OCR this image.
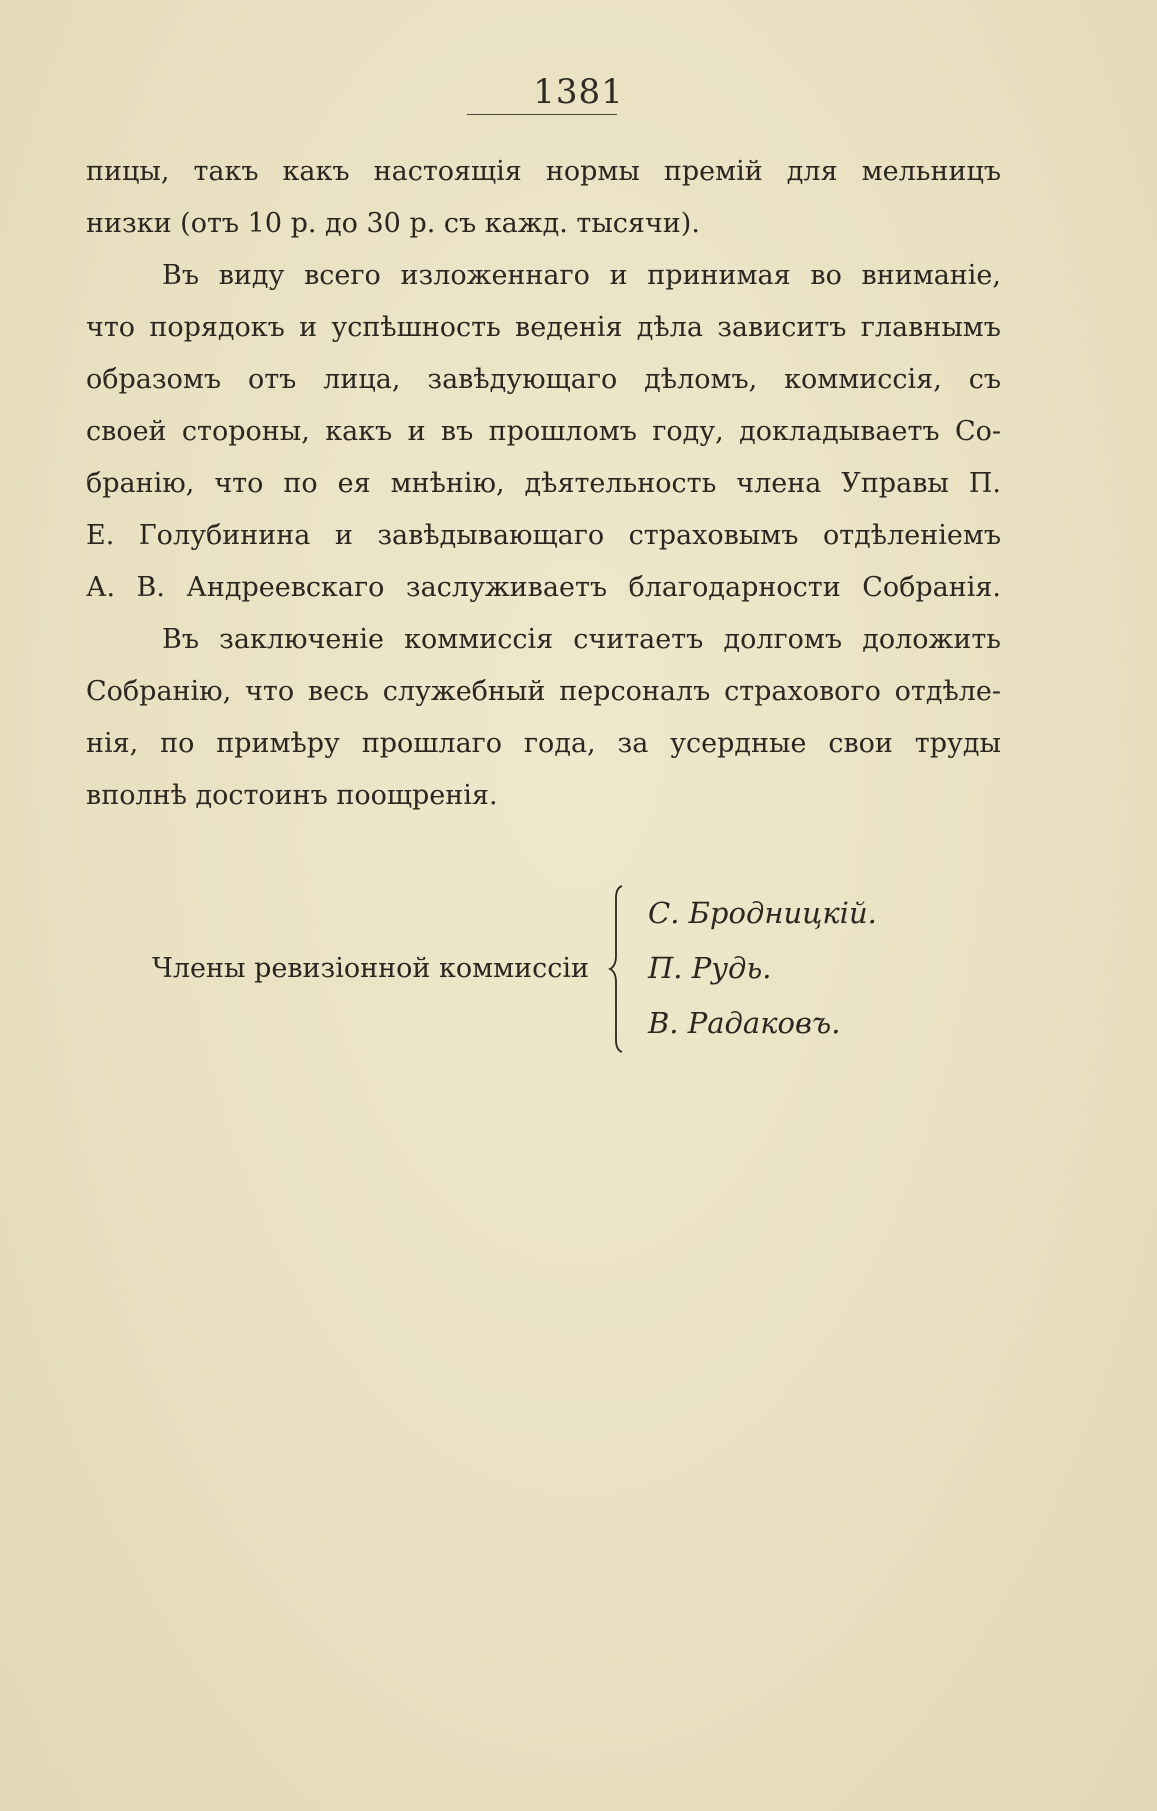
1381
пицы, такъ какъ настоящія нормы премій для мельницъ
низки (отъ 10 р. до 30 р. съ кажд. тысячи).
Въ виду всего изложеннаго и принимая во вниманіе,
что порядокъ и успѣшность веденія дѣла зависитъ главнымъ
образомъ отъ лица, завѣдующаго дѣломъ, коммиссія, съ
своей стороны, какъ и въ прошломъ году, докладываетъ Со-
бранію, что по ея мнѣнію, дѣятельность члена Управы П.
Е. Голубинина и завѣдывающаго страховымъ отдѣленіемъ
А. В. Андреевскаго заслуживаетъ благодарности Собранія.
Въ заключеніе коммиссія считаетъ долгомъ доложить
Собранію, что весь служебный персоналъ страхового отдѣле-
нія, по примѣру прошлаго года, за усердные свои труды
вполнѣ достоинъ поощренія.
Члены ревизіонной коммиссіи
С. Бродницкій.
П. Рудь.
В. Радаковъ.
